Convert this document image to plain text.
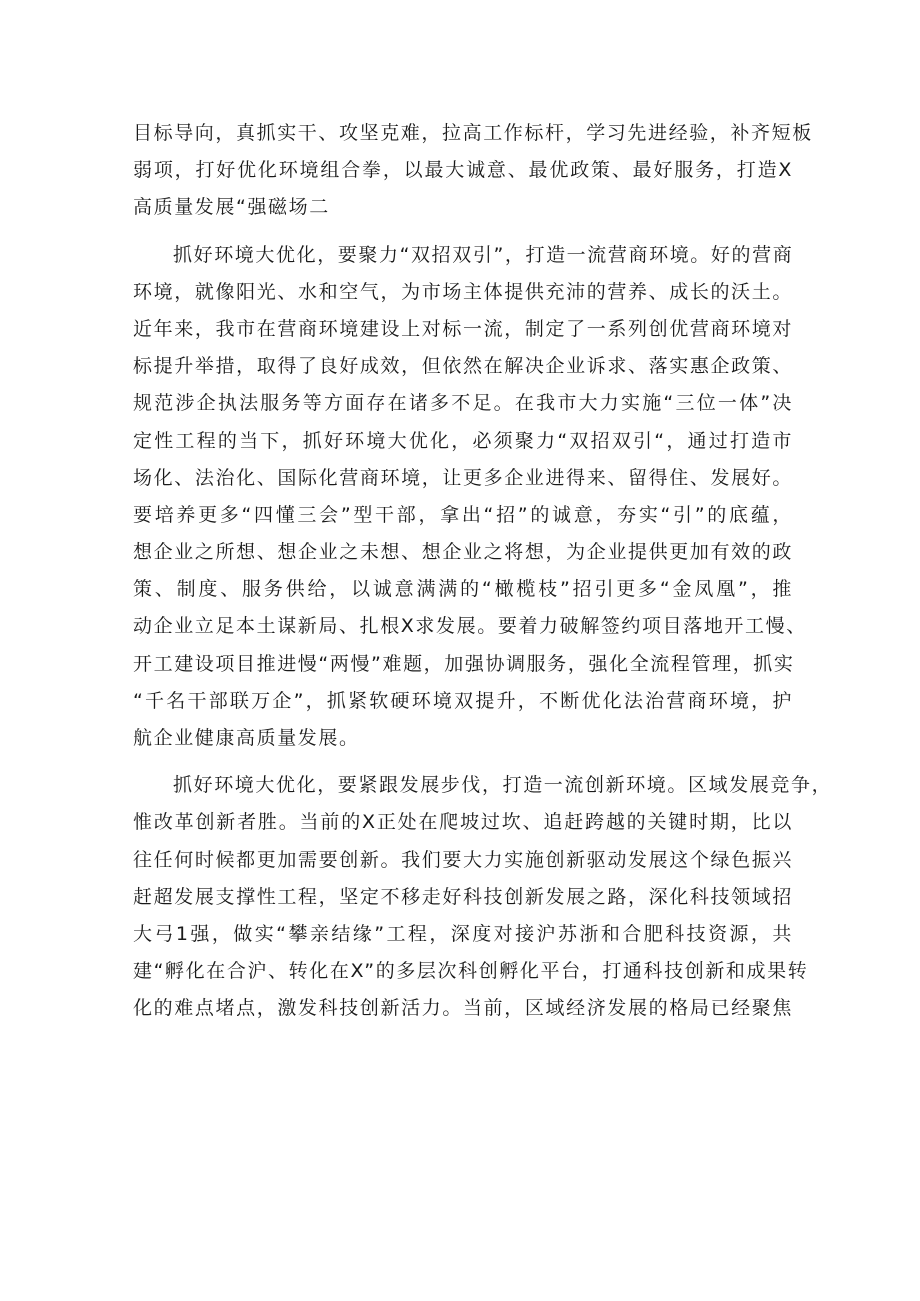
目标导向，真抓实干、攻坚克难，拉高工作标杆，学习先进经验，补齐短板
弱项，打好优化环境组合拳，以最大诚意、最优政策、最好服务，打造X
高质量发展“强磁场二
抓好环境大优化，要聚力“双招双引”，打造一流营商环境。好的营商
环境，就像阳光、水和空气，为市场主体提供充沛的营养、成长的沃土。
近年来，我市在营商环境建设上对标一流，制定了一系列创优营商环境对
标提升举措，取得了良好成效，但依然在解决企业诉求、落实惠企政策、
规范涉企执法服务等方面存在诸多不足。在我市大力实施“三位一体”决
定性工程的当下，抓好环境大优化，必须聚力“双招双引“，通过打造市
场化、法治化、国际化营商环境，让更多企业进得来、留得住、发展好。
要培养更多“四懂三会”型干部，拿出“招”的诚意，夯实“引”的底蕴，
想企业之所想、想企业之未想、想企业之将想，为企业提供更加有效的政
策、制度、服务供给，以诚意满满的“橄榄枝”招引更多“金凤凰”，推
动企业立足本土谋新局、扎根X求发展。要着力破解签约项目落地开工慢、
开工建设项目推进慢“两慢”难题，加强协调服务，强化全流程管理，抓实
“千名干部联万企”，抓紧软硬环境双提升，不断优化法治营商环境，护
航企业健康高质量发展。
抓好环境大优化，要紧跟发展步伐，打造一流创新环境。区域发展竞争，
惟改革创新者胜。当前的X正处在爬坡过坎、追赶跨越的关键时期，比以
往任何时候都更加需要创新。我们要大力实施创新驱动发展这个绿色振兴
赶超发展支撑性工程，坚定不移走好科技创新发展之路，深化科技领域招
大弓1强，做实“攀亲结缘”工程，深度对接沪苏浙和合肥科技资源，共
建“孵化在合沪、转化在X”的多层次科创孵化平台，打通科技创新和成果转
化的难点堵点，激发科技创新活力。当前，区域经济发展的格局已经聚焦
